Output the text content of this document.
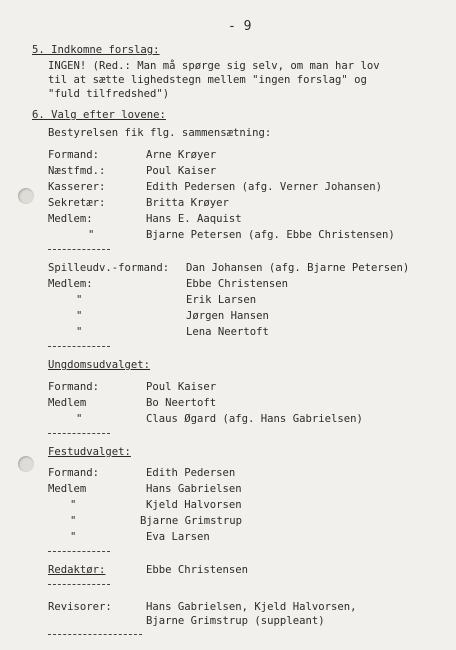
- 9
5. Indkomne forslag:
INGEN! (Red.: Man må spørge sig selv, om man har lov
til at sætte lighedstegn mellem "ingen forslag" og
"fuld tilfredshed")
6. Valg efter lovene:
Bestyrelsen fik flg. sammensætning:
Formand:	Arne Krøyer
Næstfmd.:	Poul Kaiser
Kasserer:	Edith Pedersen (afg. Verner Johansen)
Sekretær:	Britta Krøyer
Medlem:	Hans E. Aaquist
"	Bjarne Petersen (afg. Ebbe Christensen)
Spilleudv.-formand: Dan Johansen (afg. Bjarne Petersen)
Medlem:	Ebbe Christensen
"	Erik Larsen
"	Jørgen Hansen
"	Lena Neertoft
Ungdomsudvalget:
Formand:	Poul Kaiser
Medlem	Bo Neertoft
"	Claus Øgard (afg. Hans Gabrielsen)
Festudvalget:
Formand:	Edith Pedersen
Medlem	Hans Gabrielsen
"	Kjeld Halvorsen
"	Bjarne Grimstrup
"	Eva Larsen
Redaktør:	Ebbe Christensen
Revisorer:	Hans Gabrielsen, Kjeld Halvorsen,
Bjarne Grimstrup (suppleant)
